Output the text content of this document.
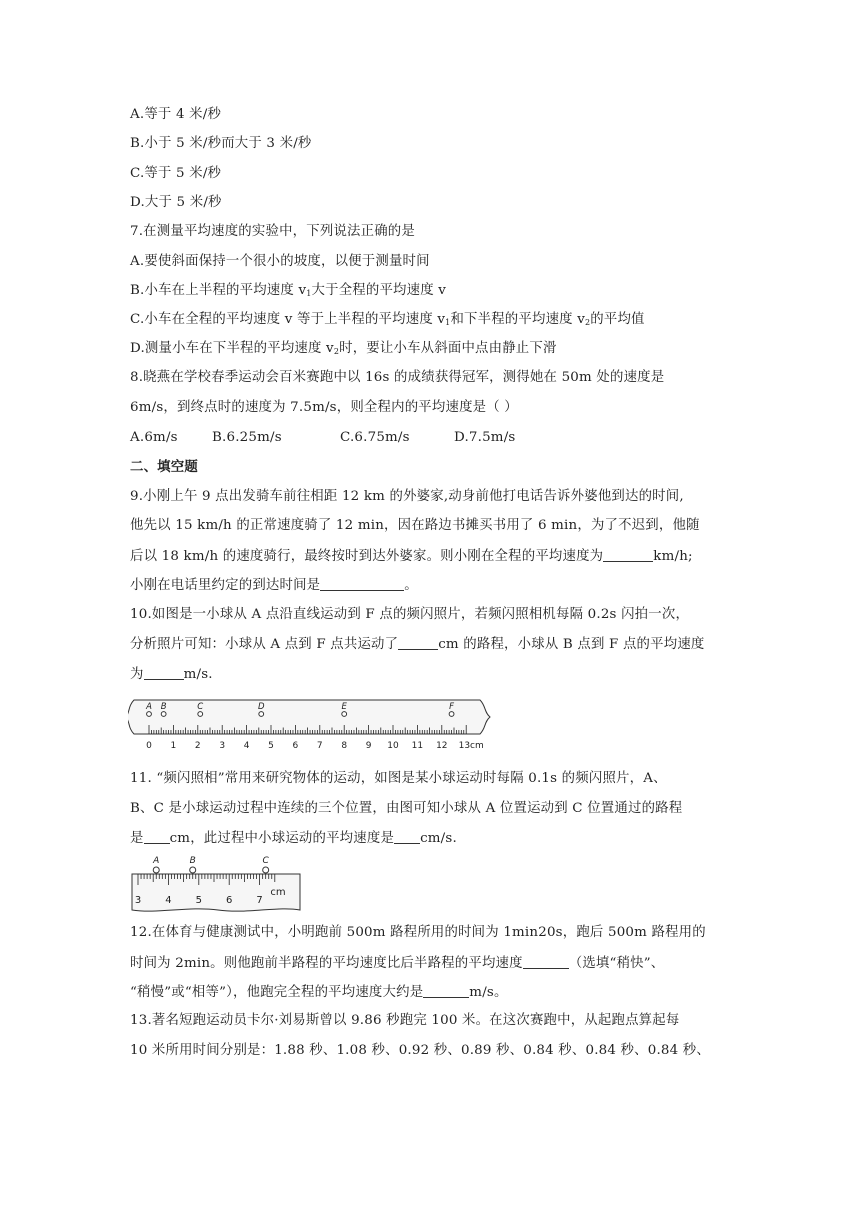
A.等于 4 米/秒
B.小于 5 米/秒而大于 3 米/秒
C.等于 5 米/秒
D.大于 5 米/秒
7.在测量平均速度的实验中，下列说法正确的是
A.要使斜面保持一个很小的坡度，以便于测量时间
B.小车在上半程的平均速度 $v_1$大于全程的平均速度 v
C.小车在全程的平均速度 v 等于上半程的平均速度 $v_1$和下半程的平均速度 $v_2$的平均值
D.测量小车在下半程的平均速度 $v_2$时，要让小车从斜面中点由静止下滑
8.晓燕在学校春季运动会百米赛跑中以 16s 的成绩获得冠军，测得她在 50m 处的速度是
6m/s，到终点时的速度为 7.5m/s，则全程内的平均速度是（ ）
A.6m/s	B.6.25m/s	C.6.75m/s	D.7.5m/s
二、填空题
9.小刚上午 9 点出发骑车前往相距 12 km 的外婆家,动身前他打电话告诉外婆他到达的时间,
他先以 15 km/h 的正常速度骑了 12 min，因在路边书摊买书用了 6 min，为了不迟到，他随
后以 18 km/h 的速度骑行，最终按时到达外婆家。则小刚在全程的平均速度为	km/h;
小刚在电话里约定的到达时间是	。
10.如图是一小球从 A 点沿直线运动到 F 点的频闪照片，若频闪照相机每隔 0.2s 闪拍一次，
分析照片可知：小球从 A 点到 F 点共运动了	cm 的路程，小球从 B 点到 F 点的平均速度
为	m/s.
0 1 2 3 4 5 6 7 8 9 10 11 12 13cm
A B	C	D	E	F
11. “频闪照相”常用来研究物体的运动，如图是某小球运动时每隔 0.1s 的频闪照片，A、
B、C 是小球运动过程中连续的三个位置，由图可知小球从 A 位置运动到 C 位置通过的路程
是 cm，此过程中小球运动的平均速度是 cm/s.
3 4 5 6 7
cm
A	B	C
12.在体育与健康测试中，小明跑前 500m 路程所用的时间为 1min20s，跑后 500m 路程用的
时间为 2min。则他跑前半路程的平均速度比后半路程的平均速度	（选填“稍快”、
“稍慢”或“相等”），他跑完全程的平均速度大约是	m/s。
13.著名短跑运动员卡尔·刘易斯曾以 9.86 秒跑完 100 米。在这次赛跑中，从起跑点算起每
10 米所用时间分别是：1.88 秒、1.08 秒、0.92 秒、0.89 秒、0.84 秒、0.84 秒、0.84 秒、
